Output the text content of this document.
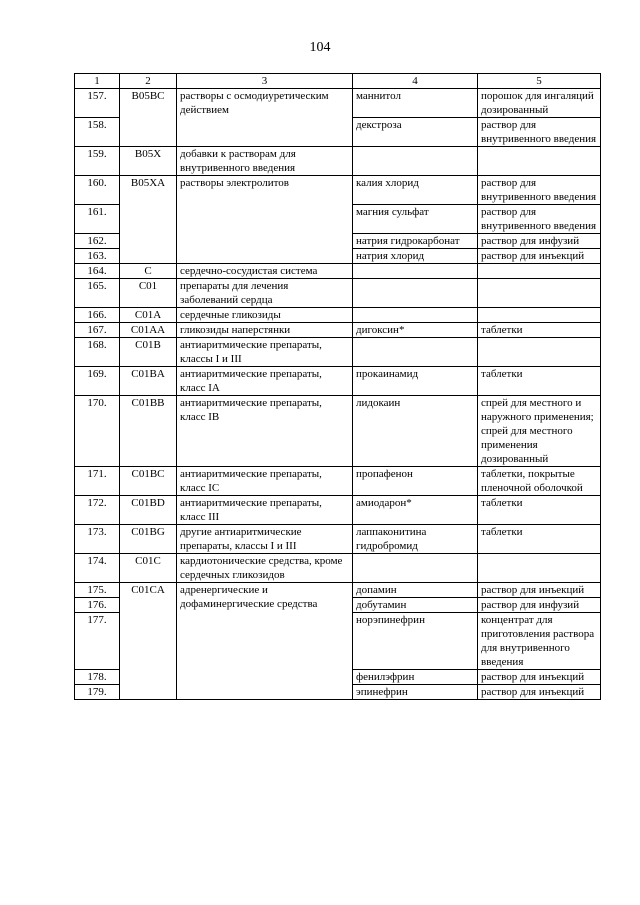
104
1	2	3	4	5
157.	B05BC	растворы с осмодиуретическим действием	маннитол	порошок для ингаляций дозированный
158.			декстроза	раствор для внутривенного введения
159.	B05X	добавки к растворам для внутривенного введения		
160.	B05XA	растворы электролитов	калия хлорид	раствор для внутривенного введения
161.			магния сульфат	раствор для внутривенного введения
162.			натрия гидрокарбонат	раствор для инфузий
163.			натрия хлорид	раствор для инъекций
164.	C	сердечно-сосудистая система		
165.	C01	препараты для лечения заболеваний сердца		
166.	C01A	сердечные гликозиды		
167.	C01AA	гликозиды наперстянки	дигоксин*	таблетки
168.	C01B	антиаритмические препараты, классы I и III		
169.	C01BA	антиаритмические препараты, класс IA	прокаинамид	таблетки
170.	C01BB	антиаритмические препараты, класс IB	лидокаин	спрей для местного и наружного применения; спрей для местного применения дозированный
171.	C01BC	антиаритмические препараты, класс IC	пропафенон	таблетки, покрытые пленочной оболочкой
172.	C01BD	антиаритмические препараты, класс III	амиодарон*	таблетки
173.	C01BG	другие антиаритмические препараты, классы I и III	лаппаконитина гидробромид	таблетки
174.	C01C	кардиотонические средства, кроме сердечных гликозидов		
175.	C01CA	адренергические и дофаминергические средства	допамин	раствор для инъекций
176.			добутамин	раствор для инфузий
177.			норэпинефрин	концентрат для приготовления раствора для внутривенного введения
178.			фенилэфрин	раствор для инъекций
179.			эпинефрин	раствор для инъекций
